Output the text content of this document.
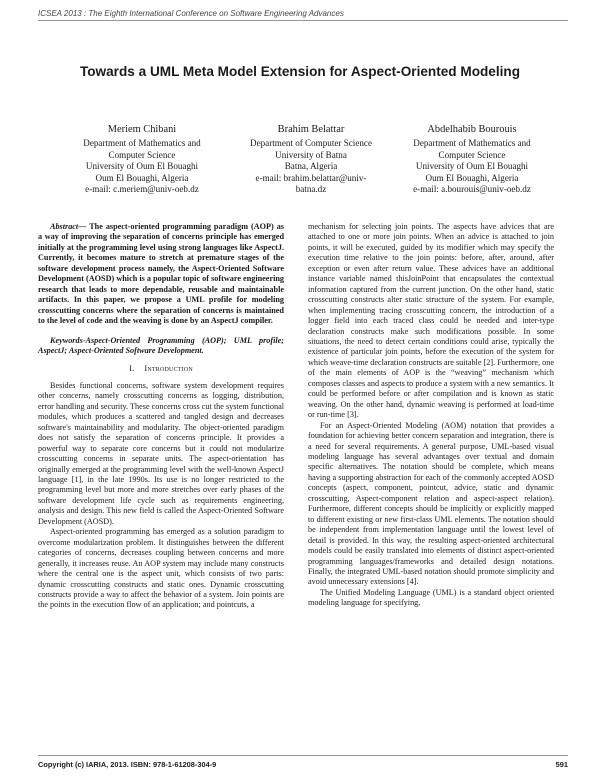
ICSEA 2013 : The Eighth International Conference on Software Engineering Advances
Towards a UML Meta Model Extension for Aspect-Oriented Modeling
Meriem Chibani
Department of Mathematics and
Computer Science
University of Oum El Bouaghi
Oum El Bouaghi, Algeria
e-mail: c.meriem@univ-oeb.dz
Brahim Belattar
Department of Computer Science
University of Batna
Batna, Algeria
e-mail: brahim.belattar@univ-
batna.dz
Abdelhabib Bourouis
Department of Mathematics and
Computer Science
University of Oum El Bouaghi
Oum El Bouaghi, Algeria
e-mail: a.bourouis@univ-oeb.dz

Abstract— The aspect-oriented programming paradigm (AOP) as a way of improving the separation of concerns principle has emerged initially at the programming level using strong languages like AspectJ. Currently, it becomes mature to stretch at premature stages of the software development process namely, the Aspect-Oriented Software Development (AOSD) which is a popular topic of software engineering research that leads to more dependable, reusable and maintainable artifacts. In this paper, we propose a UML profile for modeling crosscutting concerns where the separation of concerns is maintained to the level of code and the weaving is done by an AspectJ compiler.

Keywords-Aspect-Oriented Programming (AOP); UML profile; AspectJ; Aspect-Oriented Software Development.

I. Introduction

Besides functional concerns, software system development requires other concerns, namely crosscutting concerns as logging, distribution, error handling and security. These concerns cross cut the system functional modules, which produces a scattered and tangled design and decreases software's maintainability and modularity. The object-oriented paradigm does not satisfy the separation of concerns principle. It provides a powerful way to separate core concerns but it could not modularize crosscutting concerns in separate units. The aspect-orientation has originally emerged at the programming level with the well-known AspectJ language [1], in the late 1990s. Its use is no longer restricted to the programming level but more and more stretches over early phases of the software development life cycle such as requirements engineering, analysis and design. This new field is called the Aspect-Oriented Software Development (AOSD).

Aspect-oriented programming has emerged as a solution paradigm to overcome modularization problem. It distinguishes between the different categories of concerns, decreases coupling between concerns and more generally, it increases reuse. An AOP system may include many constructs where the central one is the aspect unit, which consists of two parts: dynamic crosscutting constructs and static ones. Dynamic crosscutting constructs provide a way to affect the behavior of a system. Join points are the points in the execution flow of an application; and pointcuts, a

mechanism for selecting join points. The aspects have advices that are attached to one or more join points. When an advice is attached to join points, it will be executed, guided by its modifier which may specify the execution time relative to the join points: before, after, around, after exception or even after return value. These advices have an additional instance variable named thisJoinPoint that encapsulates the contextual information captured from the current junction. On the other hand, static crosscutting constructs alter static structure of the system. For example, when implementing tracing crosscutting concern, the introduction of a logger field into each traced class could be needed and inter-type declaration constructs make such modifications possible. In some situations, the need to detect certain conditions could arise, typically the existence of particular join points, before the execution of the system for which weave-time declaration constructs are suitable [2]. Furthermore, one of the main elements of AOP is the “weaving” mechanism which composes classes and aspects to produce a system with a new semantics. It could be performed before or after compilation and is known as static weaving. On the other hand, dynamic weaving is performed at load-time or run-time [3].

For an Aspect-Oriented Modeling (AOM) notation that provides a foundation for achieving better concern separation and integration, there is a need for several requirements. A general purpose, UML-based visual modeling language has several advantages over textual and domain specific alternatives. The notation should be complete, which means having a supporting abstraction for each of the commonly accepted AOSD concepts (aspect, component, pointcut, advice, static and dynamic crosscutting, Aspect-component relation and aspect-aspect relation). Furthermore, different concepts should be implicitly or explicitly mapped to different existing or new first-class UML elements. The notation should be independent from implementation language until the lowest level of detail is provided. In this way, the resulting aspect-oriented architectural models could be easily translated into elements of distinct aspect-oriented programming languages/frameworks and detailed design notations. Finally, the integrated UML-based notation should promote simplicity and avoid unnecessary extensions [4].

The Unified Modeling Language (UML) is a standard object oriented modeling language for specifying,

Copyright (c) IARIA, 2013. ISBN: 978-1-61208-304-9	591
